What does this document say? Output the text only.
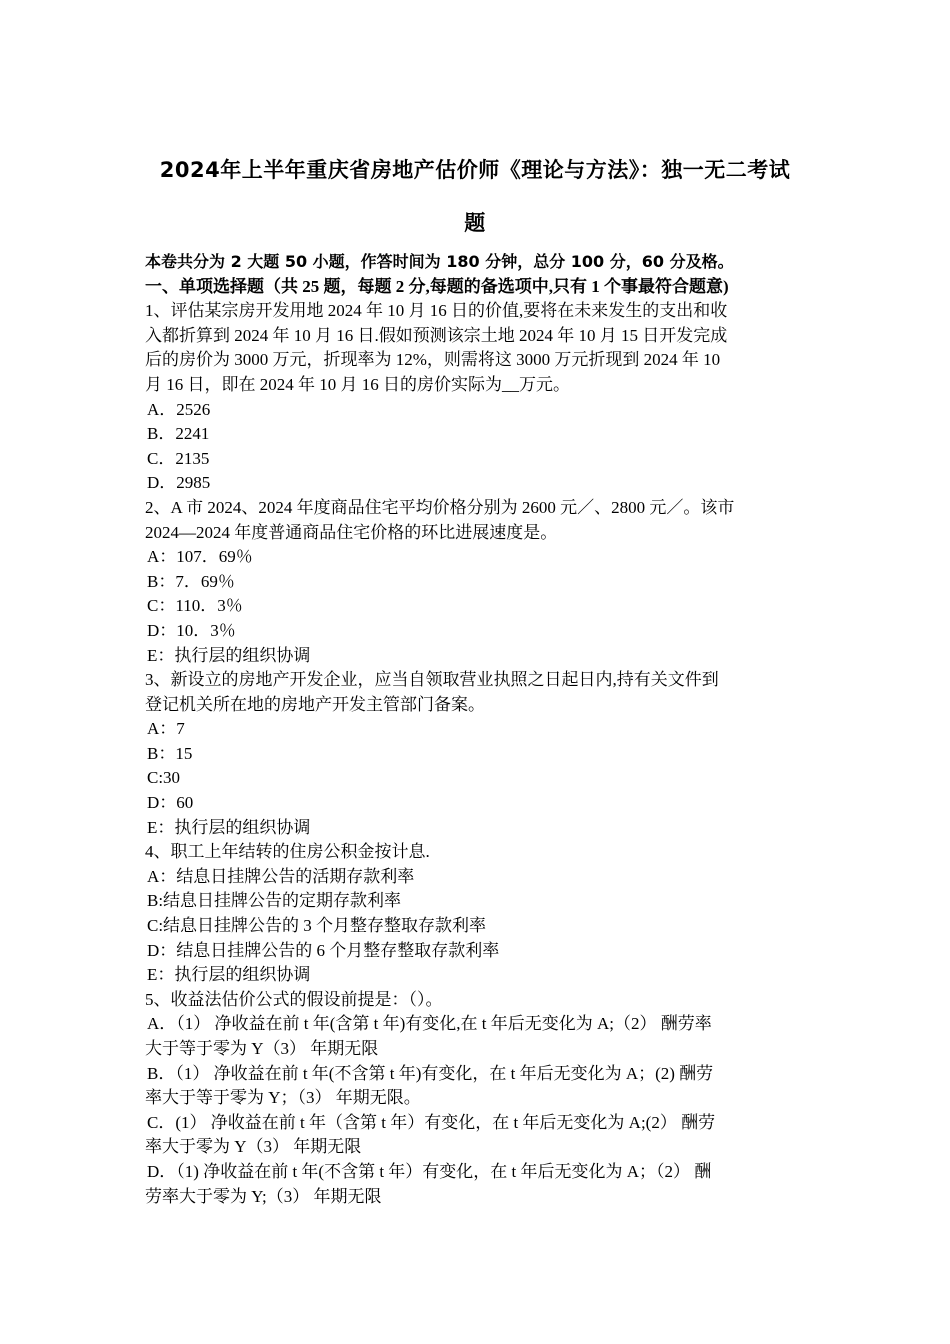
2024年上半年重庆省房地产估价师《理论与方法》：独一无二考试
题
本卷共分为 2 大题 50 小题，作答时间为 180 分钟，总分 100 分，60 分及格。
一、单项选择题（共 25 题，每题 2 分,每题的备选项中,只有 1 个事最符合题意)
1、评估某宗房开发用地 2024 年 10 月 16 日的价值,要将在未来发生的支出和收
入都折算到 2024 年 10 月 16 日.假如预测该宗土地 2024 年 10 月 15 日开发完成
后的房价为 3000 万元，折现率为 12%，则需将这 3000 万元折现到 2024 年 10
月 16 日，即在 2024 年 10 月 16 日的房价实际为__万元。
A．2526
B．2241
C．2135
D．2985
2、A 市 2024、2024 年度商品住宅平均价格分别为 2600 元／、2800 元／。该市
2024—2024 年度普通商品住宅价格的环比进展速度是。
A：107．69％
B：7．69％
C：110．3％
D：10．3％
E：执行层的组织协调
3、新设立的房地产开发企业，应当自领取营业执照之日起日内,持有关文件到
登记机关所在地的房地产开发主管部门备案。
A：7
B：15
C:30
D：60
E：执行层的组织协调
4、职工上年结转的住房公积金按计息.
A：结息日挂牌公告的活期存款利率
B:结息日挂牌公告的定期存款利率
C:结息日挂牌公告的 3 个月整存整取存款利率
D：结息日挂牌公告的 6 个月整存整取存款利率
E：执行层的组织协调
5、收益法估价公式的假设前提是：（）。
A．（1） 净收益在前 t 年(含第 t 年)有变化,在 t 年后无变化为 A;（2） 酬劳率
大于等于零为 Y（3） 年期无限
B．（1） 净收益在前 t 年(不含第 t 年)有变化，在 t 年后无变化为 A；(2) 酬劳
率大于等于零为 Y；（3） 年期无限。
C．(1） 净收益在前 t 年（含第 t 年）有变化，在 t 年后无变化为 A;(2） 酬劳
率大于零为 Y（3） 年期无限
D．（1) 净收益在前 t 年(不含第 t 年）有变化，在 t 年后无变化为 A；（2） 酬
劳率大于零为 Y;（3） 年期无限
